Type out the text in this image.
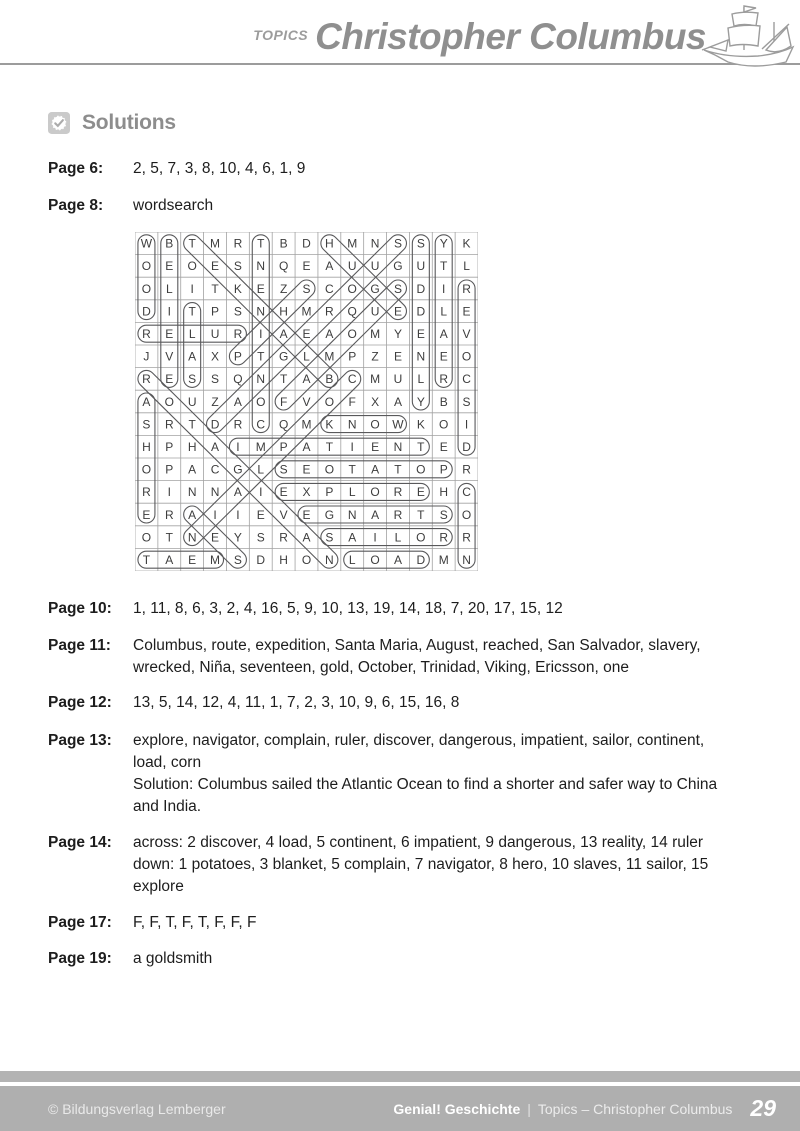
TOPICS Christopher Columbus
Solutions
Page 6: 2, 5, 7, 3, 8, 10, 4, 6, 1, 9
Page 8: wordsearch
Page 10: 1, 11, 8, 6, 3, 2, 4, 16, 5, 9, 10, 13, 19, 14, 18, 7, 20, 17, 15, 12
Page 11: Columbus, route, expedition, Santa Maria, August, reached, San Salvador, slavery,
wrecked, Niña, seventeen, gold, October, Trinidad, Viking, Ericsson, one
Page 12: 13, 5, 14, 12, 4, 11, 1, 7, 2, 3, 10, 9, 6, 15, 16, 8
Page 13: explore, navigator, complain, ruler, discover, dangerous, impatient, sailor, continent,
load, corn
Solution: Columbus sailed the Atlantic Ocean to find a shorter and safer way to China
and India.
Page 14: across: 2 discover, 4 load, 5 continent, 6 impatient, 9 dangerous, 13 reality, 14 ruler
down: 1 potatoes, 3 blanket, 5 complain, 7 navigator, 8 hero, 10 slaves, 11 sailor, 15
explore
Page 17: F, F, T, F, T, F, F, F
Page 19: a goldsmith
W B T M R T B D H M N S S Y K
O E O E S N Q E A U U G U T L
O L I T K E Z S C O G S D I R
D I T P S N H M R Q U E D L E
R E L U R I A E A O M Y E A V
J V A X P T G L M P Z E N E O
R E S S Q N T A B C M U L R C
A O U Z A O F V O F X A Y B S
S R T D R C Q M K N O W K O I
H P H A I M P A T I E N T E D
O P A C G L S E O T A T O P R
R I N N A I E X P L O R E H C
E R A I I E V E G N A R T S O
O T N E Y S R A S A I L O R R
T A E M S D H O N L O A D M N
© Bildungsverlag Lemberger	Genial! Geschichte | Topics – Christopher Columbus 29
